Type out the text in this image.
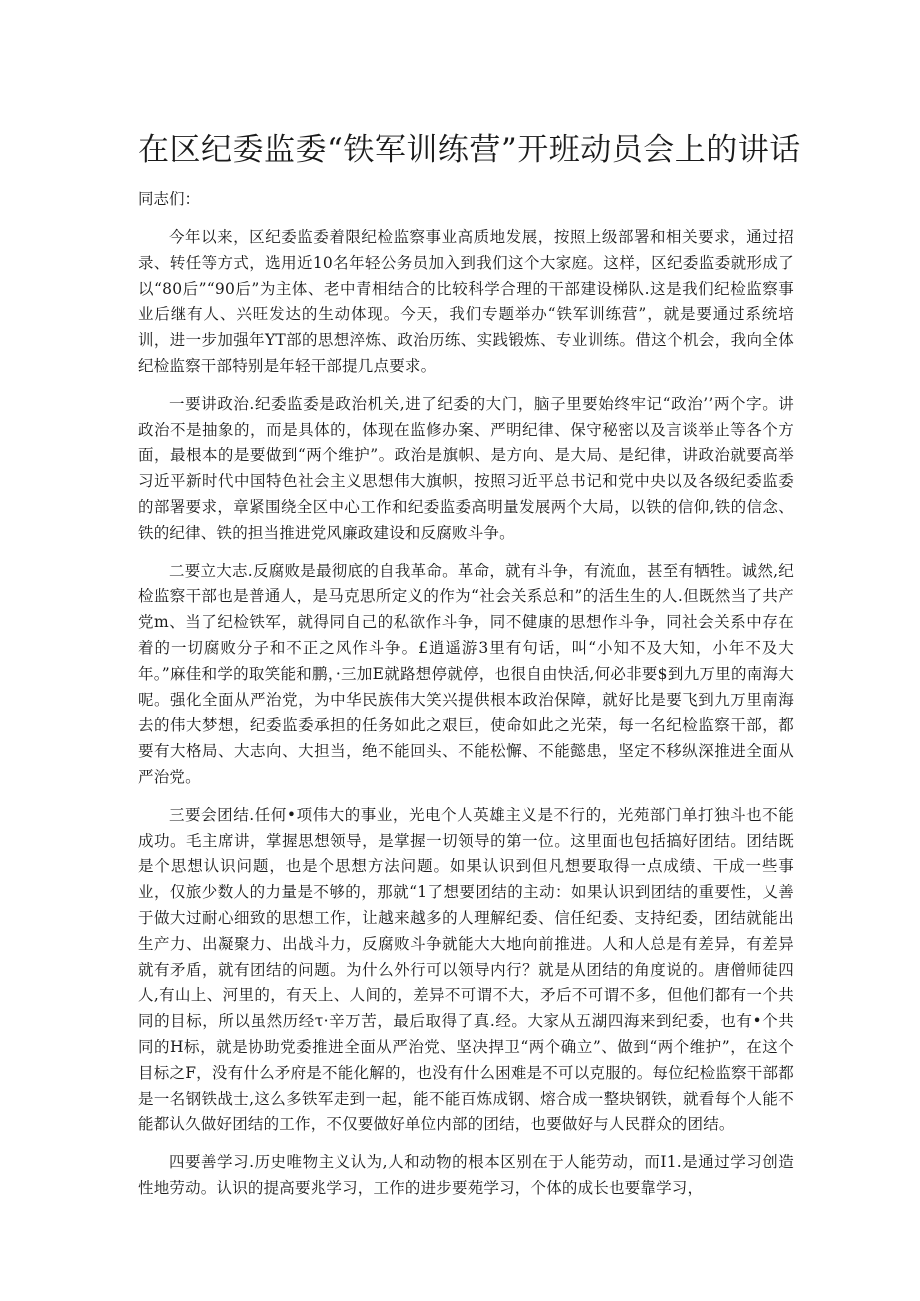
在区纪委监委“铁军训练营”开班动员会上的讲话

同志们：

今年以来，区纪委监委着限纪检监察事业高质地发展，按照上级部署和相关要求，通过招录、转任等方式，选用近10名年轻公务员加入到我们这个大家庭。这样，区纪委监委就形成了以“80后”“90后”为主体、老中青相结合的比较科学合理的干部建设梯队.这是我们纪检监察事业后继有人、兴旺发达的生动体现。今天，我们专题举办“铁军训练营”，就是要通过系统培训，进一步加强年YT部的思想淬炼、政治历练、实践锻炼、专业训练。借这个机会，我向全体纪检监察干部特别是年轻干部提几点要求。

一要讲政治.纪委监委是政治机关,进了纪委的大门，脑子里要始终牢记“政治’’两个字。讲政治不是抽象的，而是具体的，体现在监修办案、严明纪律、保守秘密以及言谈举止等各个方面，最根本的是要做到“两个维护”。政治是旗帜、是方向、是大局、是纪律，讲政治就要高举习近平新时代中国特色社会主义思想伟大旗帜，按照习近平总书记和党中央以及各级纪委监委的部署要求，章紧围绕全区中心工作和纪委监委高明量发展两个大局，以铁的信仰,铁的信念、铁的纪律、铁的担当推进党风廉政建设和反腐败斗争。

二要立大志.反腐败是最彻底的自我革命。革命，就有斗争，有流血，甚至有牺牲。诚然,纪检监察干部也是普通人，是马克思所定义的作为“社会关系总和”的活生生的人.但既然当了共产党m、当了纪检铁军，就得同自己的私欲作斗争，同不健康的思想作斗争，同社会关系中存在着的一切腐败分子和不正之风作斗争。£逍遥游3里有句话，叫“小知不及大知，小年不及大年。”麻佳和学的取笑能和鹏，·三加E就路想停就停，也很自由快活,何必非要$到九万里的南海大呢。强化全面从严治党，为中华民族伟大笑兴提供根本政治保障，就好比是要飞到九万里南海去的伟大梦想，纪委监委承担的任务如此之艰巨，使命如此之光荣，每一名纪检监察干部，都要有大格局、大志向、大担当，绝不能回头、不能松懈、不能懿患，坚定不移纵深推进全面从严治党。

三要会团结.任何•项伟大的事业，光电个人英雄主义是不行的，光苑部门单打独斗也不能成功。毛主席讲，掌握思想领导，是掌握一切领导的第一位。这里面也包括搞好团结。团结既是个思想认识问题，也是个思想方法问题。如果认识到但凡想要取得一点成绩、干成一些事业，仅旅少数人的力量是不够的，那就“1了想要团结的主动：如果认识到团结的重要性，乂善于做大过耐心细致的思想工作，让越来越多的人理解纪委、信任纪委、支持纪委，团结就能出生产力、出凝聚力、出战斗力，反腐败斗争就能大大地向前推进。人和人总是有差异，有差异就有矛盾，就有团结的问题。为什么外行可以领导内行？就是从团结的角度说的。唐僧师徒四人,有山上、河里的，有天上、人间的，差异不可谓不大，矛后不可谓不多，但他们都有一个共同的目标，所以虽然历经τ·辛万苦，最后取得了真.经。大家从五湖四海来到纪委，也有•个共同的H标，就是协助党委推进全面从严治党、坚决捍卫“两个确立”、做到“两个维护”，在这个目标之F，没有什么矛府是不能化解的，也没有什么困难是不可以克服的。每位纪检监察干部都是一名钢铁战士,这么多铁军走到一起，能不能百炼成钢、熔合成一整块钢铁，就看每个人能不能都认久做好团结的工作，不仅要做好单位内部的团结，也要做好与人民群众的团结。

四要善学习.历史唯物主义认为,人和动物的根本区别在于人能劳动，而I1.是通过学习创造性地劳动。认识的提高要兆学习，工作的进步要苑学习，个体的成长也要靠学习，
